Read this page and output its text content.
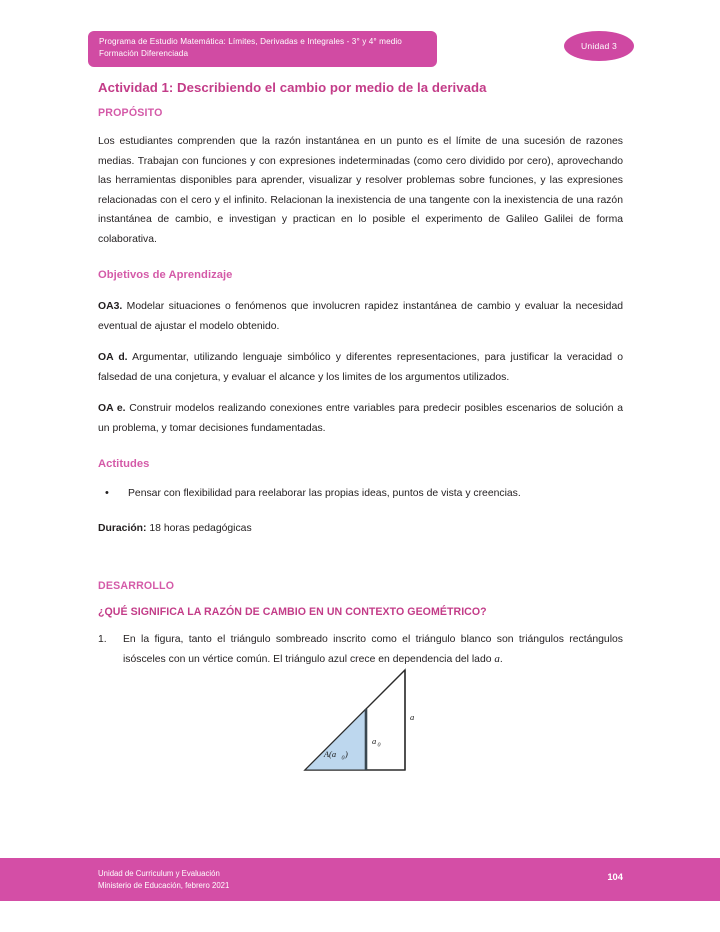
Programa de Estudio Matemática: Límites, Derivadas e Integrales - 3° y 4° medio
Formación Diferenciada
Unidad 3
Actividad 1: Describiendo el cambio por medio de la derivada
PROPÓSITO

Los estudiantes comprenden que la razón instantánea en un punto es el límite de una sucesión de razones medias. Trabajan con funciones y con expresiones indeterminadas (como cero dividido por cero), aprovechando las herramientas disponibles para aprender, visualizar y resolver problemas sobre funciones, y las expresiones relacionadas con el cero y el infinito. Relacionan la inexistencia de una tangente con la inexistencia de una razón instantánea de cambio, e investigan y practican en lo posible el experimento de Galileo Galilei de forma colaborativa.

Objetivos de Aprendizaje

OA3. Modelar situaciones o fenómenos que involucren rapidez instantánea de cambio y evaluar la necesidad eventual de ajustar el modelo obtenido.

OA d. Argumentar, utilizando lenguaje simbólico y diferentes representaciones, para justificar la veracidad o falsedad de una conjetura, y evaluar el alcance y los limites de los argumentos utilizados.

OA e. Construir modelos realizando conexiones entre variables para predecir posibles escenarios de solución a un problema, y tomar decisiones fundamentadas.

Actitudes
•	Pensar con flexibilidad para reelaborar las propias ideas, puntos de vista y creencias.
Duración: 18 horas pedagógicas
DESARROLLO
¿QUÉ SIGNIFICA LA RAZÓN DE CAMBIO EN UN CONTEXTO GEOMÉTRICO?
1.	En la figura, tanto el triángulo sombreado inscrito como el triángulo blanco son triángulos rectángulos isósceles con un vértice común. El triángulo azul crece en dependencia del lado a.
A(a 0 )
a 0
a
Unidad de Curriculum y Evaluación
Ministerio de Educación, febrero 2021
104
